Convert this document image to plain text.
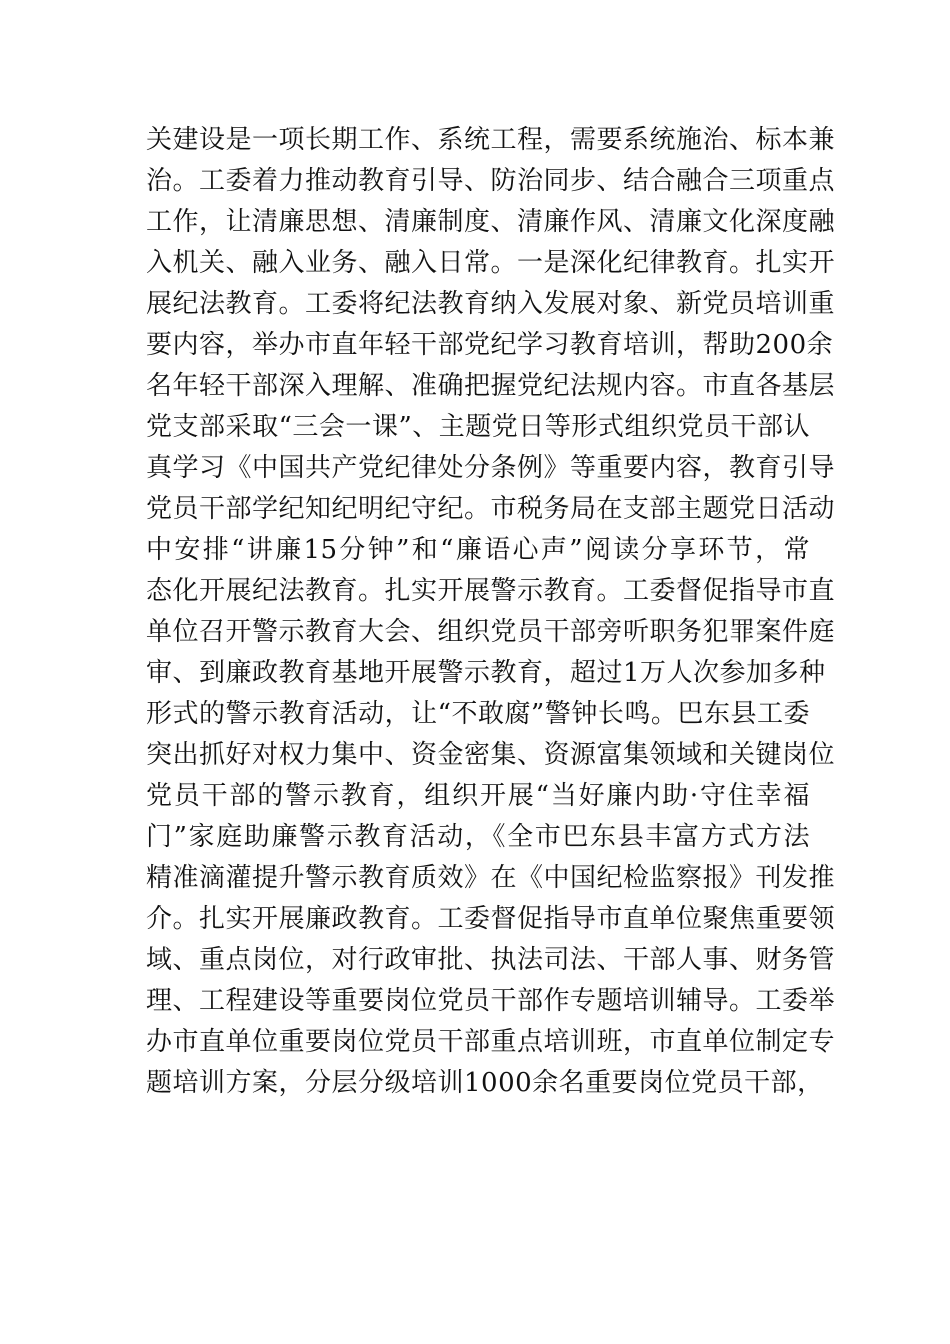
关建设是一项长期工作、系统工程，需要系统施治、标本兼
治。工委着力推动教育引导、防治同步、结合融合三项重点
工作，让清廉思想、清廉制度、清廉作风、清廉文化深度融
入机关、融入业务、融入日常。一是深化纪律教育。扎实开
展纪法教育。工委将纪法教育纳入发展对象、新党员培训重
要内容，举办市直年轻干部党纪学习教育培训，帮助200余
名年轻干部深入理解、准确把握党纪法规内容。市直各基层
党支部采取“三会一课”、主题党日等形式组织党员干部认
真学习《中国共产党纪律处分条例》等重要内容，教育引导
党员干部学纪知纪明纪守纪。市税务局在支部主题党日活动
中安排“讲廉15分钟”和“廉语心声”阅读分享环节，常
态化开展纪法教育。扎实开展警示教育。工委督促指导市直
单位召开警示教育大会、组织党员干部旁听职务犯罪案件庭
审、到廉政教育基地开展警示教育，超过1万人次参加多种
形式的警示教育活动，让“不敢腐”警钟长鸣。巴东县工委
突出抓好对权力集中、资金密集、资源富集领域和关键岗位
党员干部的警示教育，组织开展“当好廉内助·守住幸福
门”家庭助廉警示教育活动，《全市巴东县丰富方式方法
精准滴灌提升警示教育质效》在《中国纪检监察报》刊发推
介。扎实开展廉政教育。工委督促指导市直单位聚焦重要领
域、重点岗位，对行政审批、执法司法、干部人事、财务管
理、工程建设等重要岗位党员干部作专题培训辅导。工委举
办市直单位重要岗位党员干部重点培训班，市直单位制定专
题培训方案，分层分级培训1000余名重要岗位党员干部，
